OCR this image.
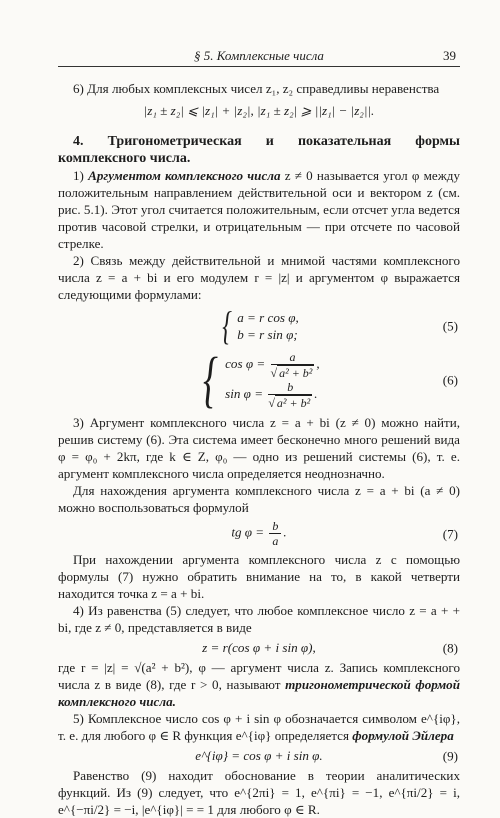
§ 5. Комплексные числа	39

6) Для любых комплексных чисел z₁, z₂ справедливы неравенства

|z₁ ± z₂| ⩽ |z₁| + |z₂|, |z₁ ± z₂| ⩾ ||z₁| − |z₂||.

4. Тригонометрическая и показательная формы комплексного числа.

1) Аргументом комплексного числа z ≠ 0 называется угол φ между положительным направлением действительной оси и вектором z (см. рис. 5.1). Этот угол считается положительным, если отсчет угла ведется против часовой стрелки, и отрицательным — при отсчете по часовой стрелке.

2) Связь между действительной и мнимой частями комплексного числа z = a + bi и его модулем r = |z| и аргументом φ выражается следующими формулами:

{ a = r cos φ,
b = r sin φ;
(5)
{ $\cos \varphi = \frac{a}{\text{√ a² + b²}}$ ,
$\sin \varphi = \frac{b}{\text{√ a² + b²}}$ .
(6)

3) Аргумент комплексного числа z = a + bi (z ≠ 0) можно найти, решив систему (6). Эта система имеет бесконечно много решений вида φ = φ₀ + 2kπ, где k ∈ Z, φ₀ — одно из решений системы (6), т. е. аргумент комплексного числа определяется неоднозначно.

Для нахождения аргумента комплексного числа z = a + bi (a ≠ 0) можно воспользоваться формулой

tg $\varphi = \frac{b}{a}$ .	(7)

При нахождении аргумента комплексного числа z с помощью формулы (7) нужно обратить внимание на то, в какой четверти находится точка z = a + bi.

4) Из равенства (5) следует, что любое комплексное число z = a + + bi, где z ≠ 0, представляется в виде

z = r(cos φ + i sin φ),	(8)

где r = |z| = √(a² + b²), φ — аргумент числа z. Запись комплексного числа z в виде (8), где r > 0, называют тригонометрической формой комплексного числа.

5) Комплексное число cos φ + i sin φ обозначается символом e^{iφ}, т. е. для любого φ ∈ R функция e^{iφ} определяется формулой Эйлера

e^{iφ} = cos φ + i sin φ.	(9)

Равенство (9) находит обоснование в теории аналитических функций. Из (9) следует, что e^{2πi} = 1, e^{πi} = −1, e^{πi/2} = i, e^{−πi/2} = −i, |e^{iφ}| = = 1 для любого φ ∈ R.
